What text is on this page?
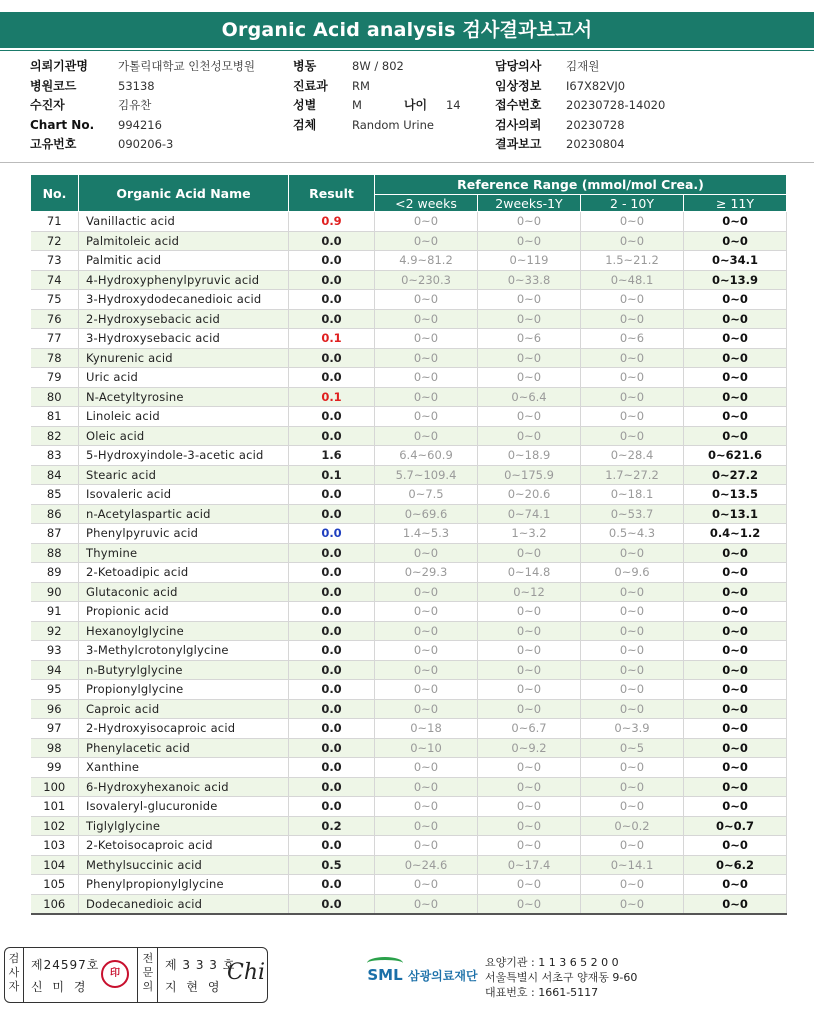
Organic Acid analysis 검사결과보고서
의뢰기관명	가톨릭대학교 인천성모병원
병원코드	53138
수진자	김유찬
Chart No. 994216
고유번호	090206-3
병동	8W / 802
진료과 RM
성별	M	나이 14
검체	Random Urine
담당의사 김재원
임상정보 I67X82VJ0
접수번호 20230728-14020
검사의뢰 20230728
결과보고 20230804
No.	Organic Acid Name	Result	Reference Range (mmol/mol Crea.)			
			<2 weeks	2weeks-1Y	2 - 10Y	≥ 11Y
71	Vanillactic acid	0.9	0~0	0~0	0~0	0~0
72	Palmitoleic acid	0.0	0~0	0~0	0~0	0~0
73	Palmitic acid	0.0	4.9~81.2	0~119	1.5~21.2	0~34.1
74	4-Hydroxyphenylpyruvic acid	0.0	0~230.3	0~33.8	0~48.1	0~13.9
75	3-Hydroxydodecanedioic acid	0.0	0~0	0~0	0~0	0~0
76	2-Hydroxysebacic acid	0.0	0~0	0~0	0~0	0~0
77	3-Hydroxysebacic acid	0.1	0~0	0~6	0~6	0~0
78	Kynurenic acid	0.0	0~0	0~0	0~0	0~0
79	Uric acid	0.0	0~0	0~0	0~0	0~0
80	N-Acetyltyrosine	0.1	0~0	0~6.4	0~0	0~0
81	Linoleic acid	0.0	0~0	0~0	0~0	0~0
82	Oleic acid	0.0	0~0	0~0	0~0	0~0
83	5-Hydroxyindole-3-acetic acid	1.6	6.4~60.9	0~18.9	0~28.4	0~621.6
84	Stearic acid	0.1	5.7~109.4	0~175.9	1.7~27.2	0~27.2
85	Isovaleric acid	0.0	0~7.5	0~20.6	0~18.1	0~13.5
86	n-Acetylaspartic acid	0.0	0~69.6	0~74.1	0~53.7	0~13.1
87	Phenylpyruvic acid	0.0	1.4~5.3	1~3.2	0.5~4.3	0.4~1.2
88	Thymine	0.0	0~0	0~0	0~0	0~0
89	2-Ketoadipic acid	0.0	0~29.3	0~14.8	0~9.6	0~0
90	Glutaconic acid	0.0	0~0	0~12	0~0	0~0
91	Propionic acid	0.0	0~0	0~0	0~0	0~0
92	Hexanoylglycine	0.0	0~0	0~0	0~0	0~0
93	3-Methylcrotonylglycine	0.0	0~0	0~0	0~0	0~0
94	n-Butyrylglycine	0.0	0~0	0~0	0~0	0~0
95	Propionylglycine	0.0	0~0	0~0	0~0	0~0
96	Caproic acid	0.0	0~0	0~0	0~0	0~0
97	2-Hydroxyisocaproic acid	0.0	0~18	0~6.7	0~3.9	0~0
98	Phenylacetic acid	0.0	0~10	0~9.2	0~5	0~0
99	Xanthine	0.0	0~0	0~0	0~0	0~0
100	6-Hydroxyhexanoic acid	0.0	0~0	0~0	0~0	0~0
101	Isovaleryl-glucuronide	0.0	0~0	0~0	0~0	0~0
102	Tiglylglycine	0.2	0~0	0~0	0~0.2	0~0.7
103	2-Ketoisocaproic acid	0.0	0~0	0~0	0~0	0~0
104	Methylsuccinic acid	0.5	0~24.6	0~17.4	0~14.1	0~6.2
105	Phenylpropionylglycine	0.0	0~0	0~0	0~0	0~0
106	Dodecanedioic acid	0.0	0~0	0~0	0~0	0~0
검사자
제24597호
신 미 경
印
전문의
제 3 3 3 호
지 현 영
Chi	SML 삼광의료재단
요양기관 : 1 1 3 6 5 2 0 0
서울특별시 서초구 양재동 9-60
대표번호 : 1661-5117
